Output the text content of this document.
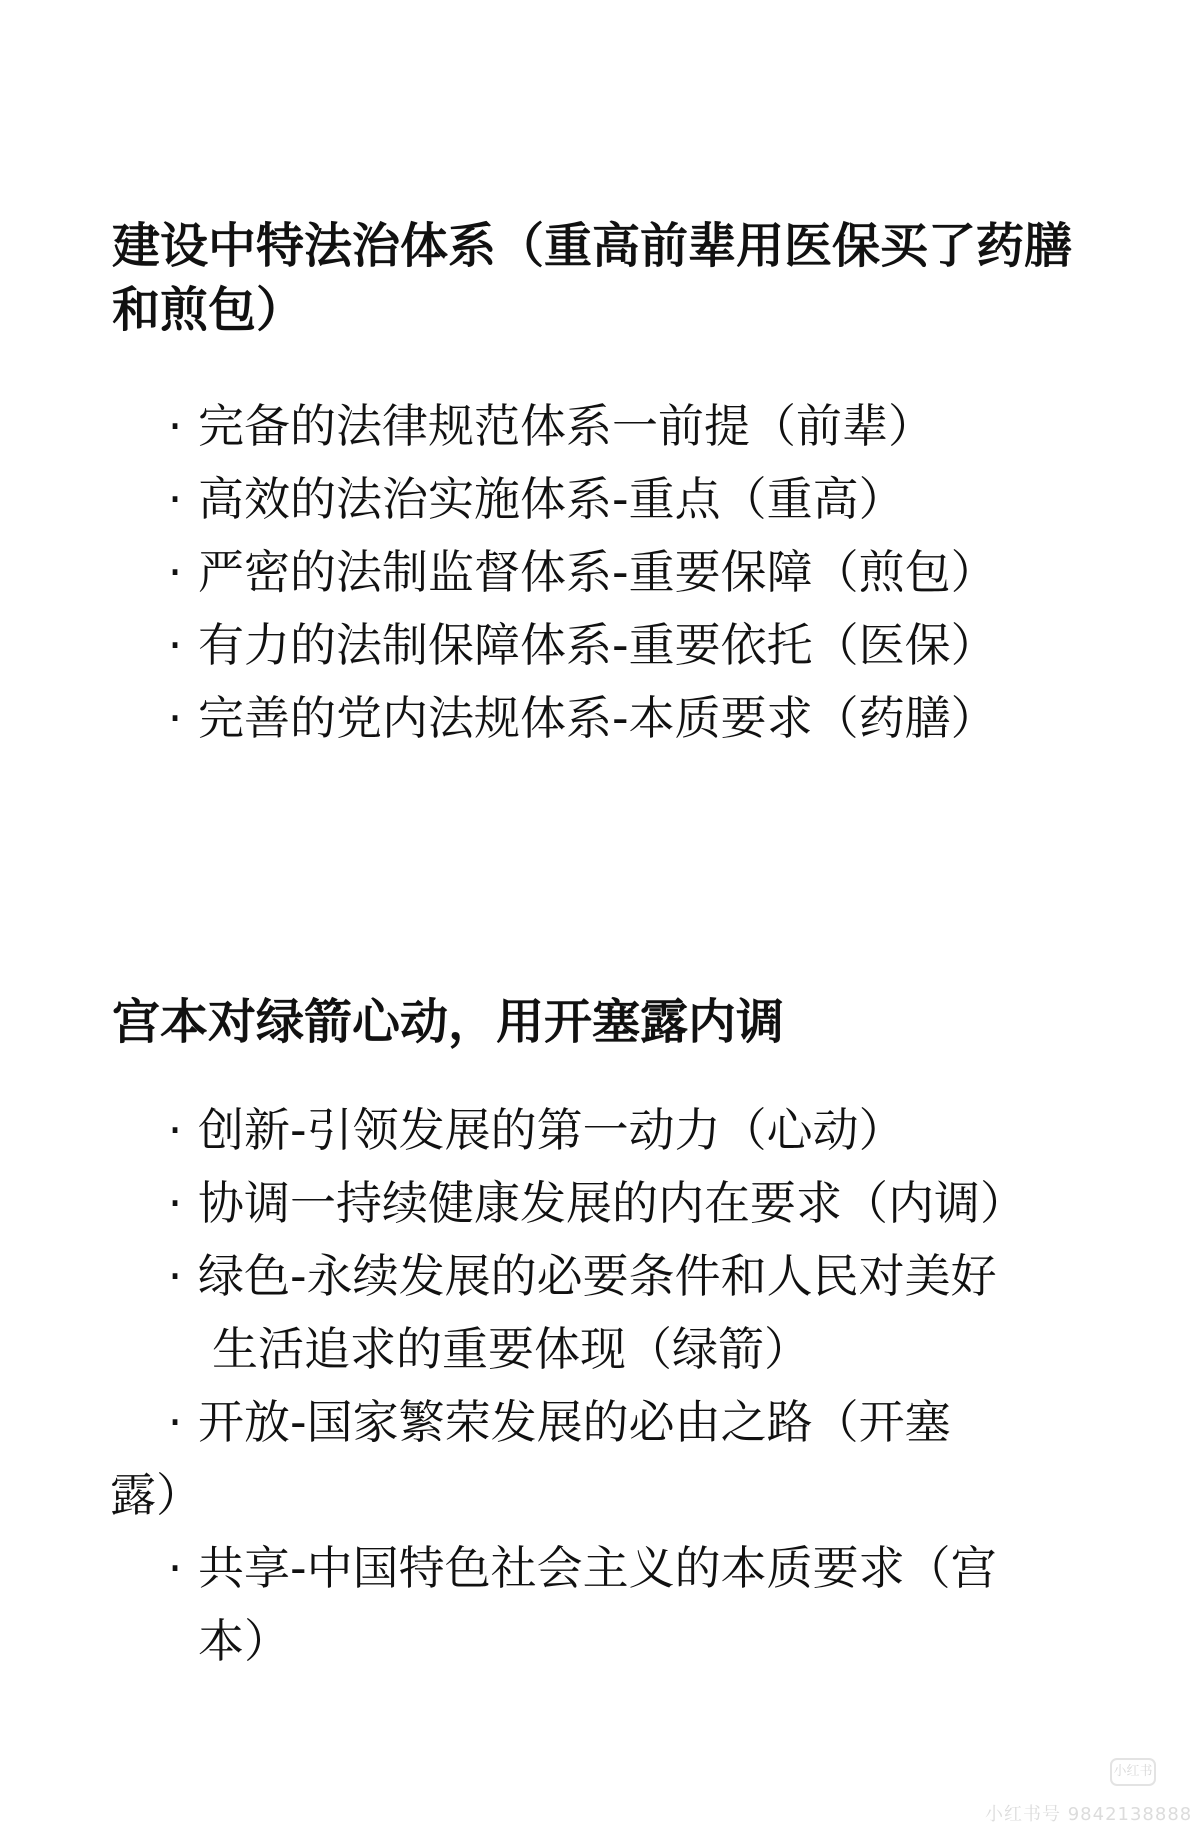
建设中特法治体系（重高前辈用医保买了药膳
和煎包）
· 完备的法律规范体系一前提（前辈）
· 高效的法治实施体系-重点（重高）
· 严密的法制监督体系-重要保障（煎包）
· 有力的法制保障体系-重要依托（医保）
· 完善的党内法规体系-本质要求（药膳）
宫本对绿箭心动，用开塞露内调
· 创新-引领发展的第一动力（心动）
· 协调一持续健康发展的内在要求（内调）
· 绿色-永续发展的必要条件和人民对美好
生活追求的重要体现（绿箭）
· 开放-国家繁荣发展的必由之路（开塞
露）
· 共享-中国特色社会主义的本质要求（宫
本）
小红书
小红书号 9842138888
